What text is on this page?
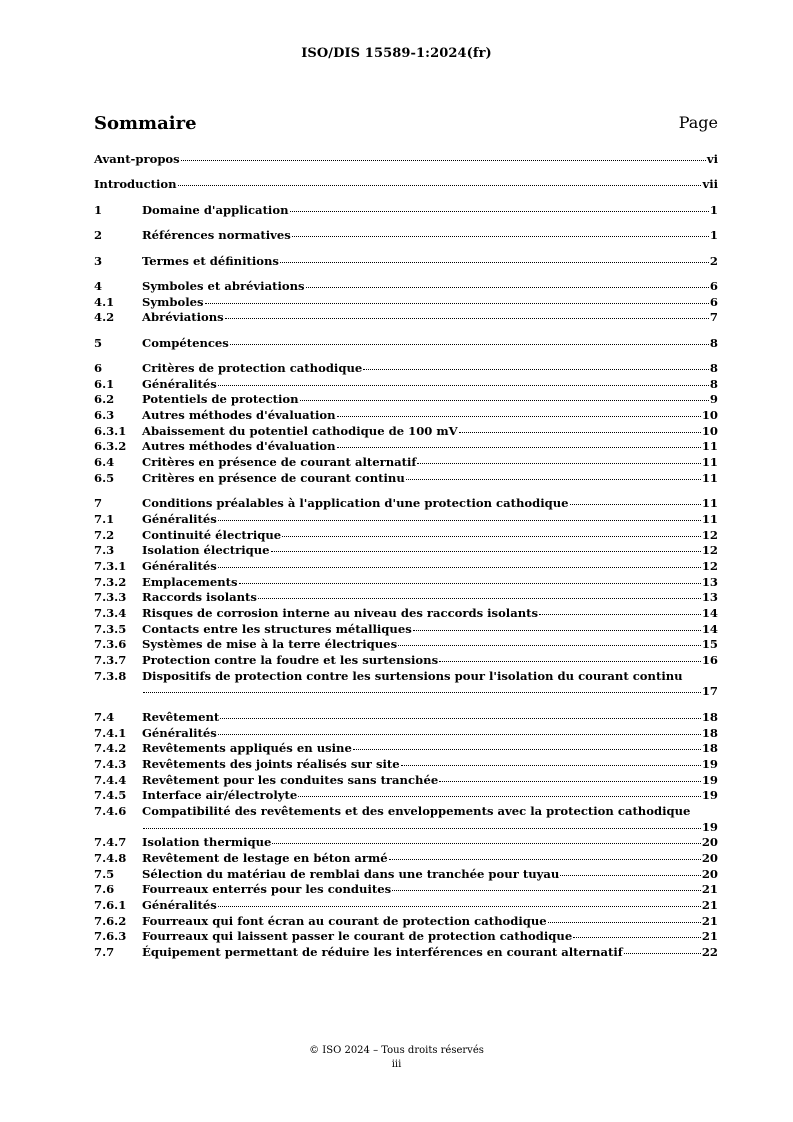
ISO/DIS 15589-1:2024(fr)
Sommaire	Page
Avant-propos	vi
Introduction	vii
1	Domaine d'application	1
2	Références normatives	1
3	Termes et définitions	2
4	Symboles et abréviations	6
4.1	Symboles	6
4.2	Abréviations	7
5	Compétences	8
6	Critères de protection cathodique	8
6.1	Généralités	8
6.2	Potentiels de protection	9
6.3	Autres méthodes d'évaluation	10
6.3.1	Abaissement du potentiel cathodique de 100 mV	10
6.3.2	Autres méthodes d'évaluation	11
6.4	Critères en présence de courant alternatif	11
6.5	Critères en présence de courant continu	11
7	Conditions préalables à l'application d'une protection cathodique	11
7.1	Généralités	11
7.2	Continuité électrique	12
7.3	Isolation électrique	12
7.3.1	Généralités	12
7.3.2	Emplacements	13
7.3.3	Raccords isolants	13
7.3.4	Risques de corrosion interne au niveau des raccords isolants	14
7.3.5	Contacts entre les structures métalliques	14
7.3.6	Systèmes de mise à la terre électriques	15
7.3.7	Protection contre la foudre et les surtensions	16
7.3.8	Dispositifs de protection contre les surtensions pour l'isolation du courant continu
17
7.4	Revêtement	18
7.4.1	Généralités	18
7.4.2	Revêtements appliqués en usine	18
7.4.3	Revêtements des joints réalisés sur site	19
7.4.4	Revêtement pour les conduites sans tranchée	19
7.4.5	Interface air/électrolyte	19
7.4.6	Compatibilité des revêtements et des enveloppements avec la protection cathodique
19
7.4.7	Isolation thermique	20
7.4.8	Revêtement de lestage en béton armé	20
7.5	Sélection du matériau de remblai dans une tranchée pour tuyau	20
7.6	Fourreaux enterrés pour les conduites	21
7.6.1	Généralités	21
7.6.2	Fourreaux qui font écran au courant de protection cathodique	21
7.6.3	Fourreaux qui laissent passer le courant de protection cathodique	21
7.7	Équipement permettant de réduire les interférences en courant alternatif	22
© ISO 2024 – Tous droits réservés
iii
